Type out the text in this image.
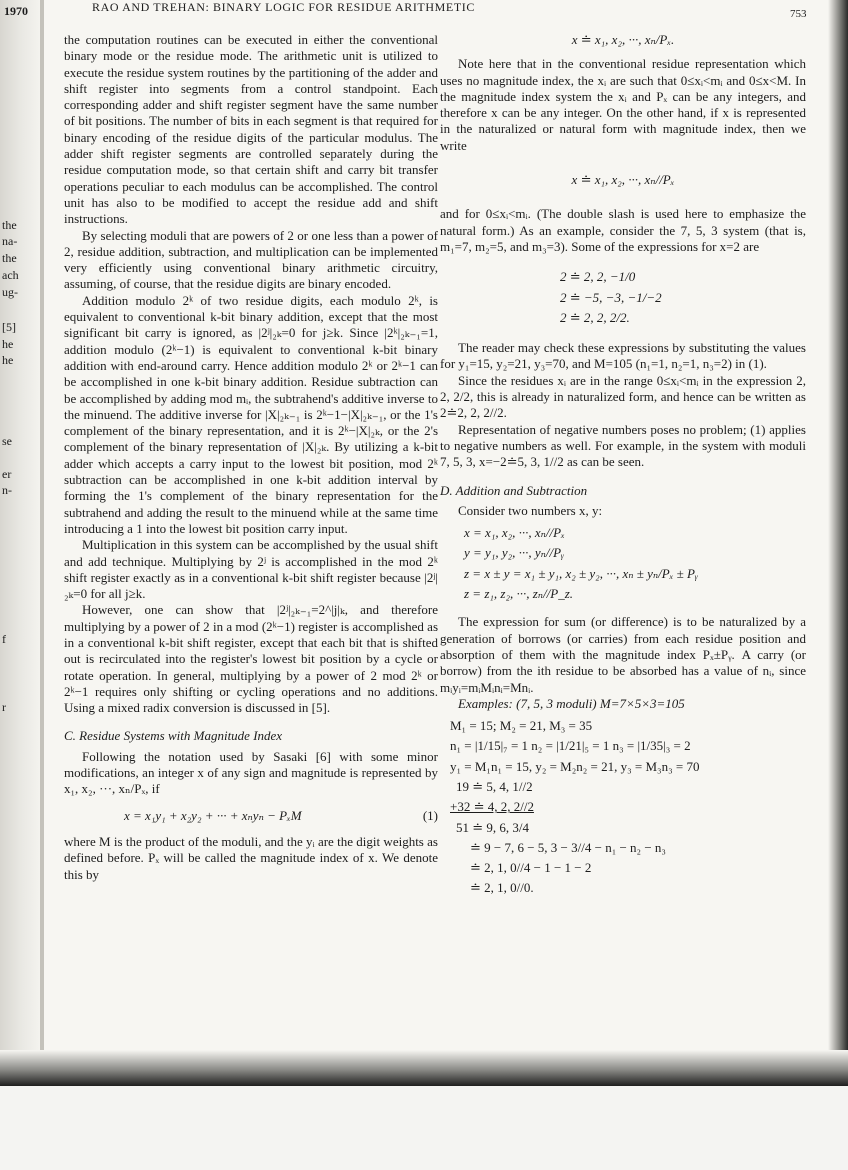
1970
the
na-
the
ach
ug-
[5]
he
he
se
er
n-
f
r
RAO AND TREHAN: BINARY LOGIC FOR RESIDUE ARITHMETIC	753

the computation routines can be executed in either the conventional binary mode or the residue mode. The arithmetic unit is utilized to execute the residue system routines by the partitioning of the adder and shift register into segments from a control standpoint. Each corresponding adder and shift register segment have the same number of bit positions. The number of bits in each segment is that required for binary encoding of the residue digits of the particular modulus. The adder shift register segments are controlled separately during the residue computation mode, so that certain shift and carry bit transfer operations peculiar to each modulus can be accomplished. The control unit has also to be modified to accept the residue add and shift instructions.

By selecting moduli that are powers of 2 or one less than a power of 2, residue addition, subtraction, and multiplication can be implemented very efficiently using conventional binary arithmetic circuitry, assuming, of course, that the residue digits are binary encoded.

Addition modulo 2ᵏ of two residue digits, each modulo 2ᵏ, is equivalent to conventional k-bit binary addition, except that the most significant bit carry is ignored, as |2ʲ|₂ₖ=0 for j≥k. Since |2ᵏ|₂ₖ₋₁=1, addition modulo (2ᵏ−1) is equivalent to conventional k-bit binary addition with end-around carry. Hence addition modulo 2ᵏ or 2ᵏ−1 can be accomplished in one k-bit binary addition. Residue subtraction can be accomplished by adding mod mᵢ, the subtrahend's additive inverse to the minuend. The additive inverse for |X|₂ₖ₋₁ is 2ᵏ−1−|X|₂ₖ₋₁, or the 1's complement of the binary representation, and it is 2ᵏ−|X|₂ₖ, or the 2's complement of the binary representation of |X|₂ₖ. By utilizing a k-bit adder which accepts a carry input to the lowest bit position, mod 2ᵏ subtraction can be accomplished in one k-bit addition interval by forming the 1's complement of the binary representation for the subtrahend and adding the result to the minuend while at the same time introducing a 1 into the lowest bit position carry input.

Multiplication in this system can be accomplished by the usual shift and add technique. Multiplying by 2ʲ is accomplished in the mod 2ᵏ shift register exactly as in a conventional k-bit shift register because |2ʲ|₂ₖ=0 for all j≥k.

However, one can show that |2ʲ|₂ₖ₋₁=2^|j|ₖ, and therefore multiplying by a power of 2 in a mod (2ᵏ−1) register is accomplished as in a conventional k-bit shift register, except that each bit that is shifted out is recirculated into the register's lowest bit position by a cycle or rotate operation. In general, multiplying by a power of 2 mod 2ᵏ or 2ᵏ−1 requires only shifting or cycling operations and no additions. Using a mixed radix conversion is discussed in [5].

C. Residue Systems with Magnitude Index

Following the notation used by Sasaki [6] with some minor modifications, an integer x of any sign and magnitude is represented by x₁, x₂, ···, xₙ/Pₓ, if

x = x₁y₁ + x₂y₂ + ··· + xₙyₙ − PₓM	(1)

where M is the product of the moduli, and the yᵢ are the digit weights as defined before. Pₓ will be called the magnitude index of x. We denote this by

x ≐ x₁, x₂, ···, xₙ/Pₓ.

Note here that in the conventional residue representation which uses no magnitude index, the xᵢ are such that 0≤xᵢ<mᵢ and 0≤x<M. In the magnitude index system the xᵢ and Pₓ can be any integers, and therefore x can be any integer. On the other hand, if x is represented in the naturalized or natural form with magnitude index, then we write

x ≐ x₁, x₂, ···, xₙ//Pₓ

and for 0≤xᵢ<mᵢ. (The double slash is used here to emphasize the natural form.) As an example, consider the 7, 5, 3 system (that is, m₁=7, m₂=5, and m₃=3). Some of the expressions for x=2 are

2 ≐ 2, 2, −1/0
2 ≐ −5, −3, −1/−2
2 ≐ 2, 2, 2/2.

The reader may check these expressions by substituting the values for y₁=15, y₂=21, y₃=70, and M=105 (n₁=1, n₂=1, n₃=2) in (1).

Since the residues xᵢ are in the range 0≤xᵢ<mᵢ in the expression 2, 2, 2/2, this is already in naturalized form, and hence can be written as 2≐2, 2, 2//2.

Representation of negative numbers poses no problem; (1) applies to negative numbers as well. For example, in the system with moduli 7, 5, 3, x=−2≐5, 3, 1//2 as can be seen.

D. Addition and Subtraction

Consider two numbers x, y:

x = x₁, x₂, ···, xₙ//Pₓ
y = y₁, y₂, ···, yₙ//Pᵧ
z = x ± y = x₁ ± y₁, x₂ ± y₂, ···, xₙ ± yₙ/Pₓ ± Pᵧ
z = z₁, z₂, ···, zₙ//P_z.

The expression for sum (or difference) is to be naturalized by a generation of borrows (or carries) from each residue position and absorption of them with the magnitude index Pₓ±Pᵧ. A carry (or borrow) from the ith residue to be absorbed has a value of nᵢ, since mᵢyᵢ=mᵢMᵢnᵢ=Mnᵢ.

Examples: (7, 5, 3 moduli) M=7×5×3=105

M₁ = 15; M₂ = 21, M₃ = 35
n₁ = |1/15|₇ = 1 n₂ = |1/21|₅ = 1 n₃ = |1/35|₃ = 2
y₁ = M₁n₁ = 15, y₂ = M₂n₂ = 21, y₃ = M₃n₃ = 70
19 ≐ 5, 4, 1//2
+32 ≐ 4, 2, 2//2
51 ≐ 9, 6, 3/4
≐ 9 − 7, 6 − 5, 3 − 3//4 − n₁ − n₂ − n₃
≐ 2, 1, 0//4 − 1 − 1 − 2
≐ 2, 1, 0//0.
